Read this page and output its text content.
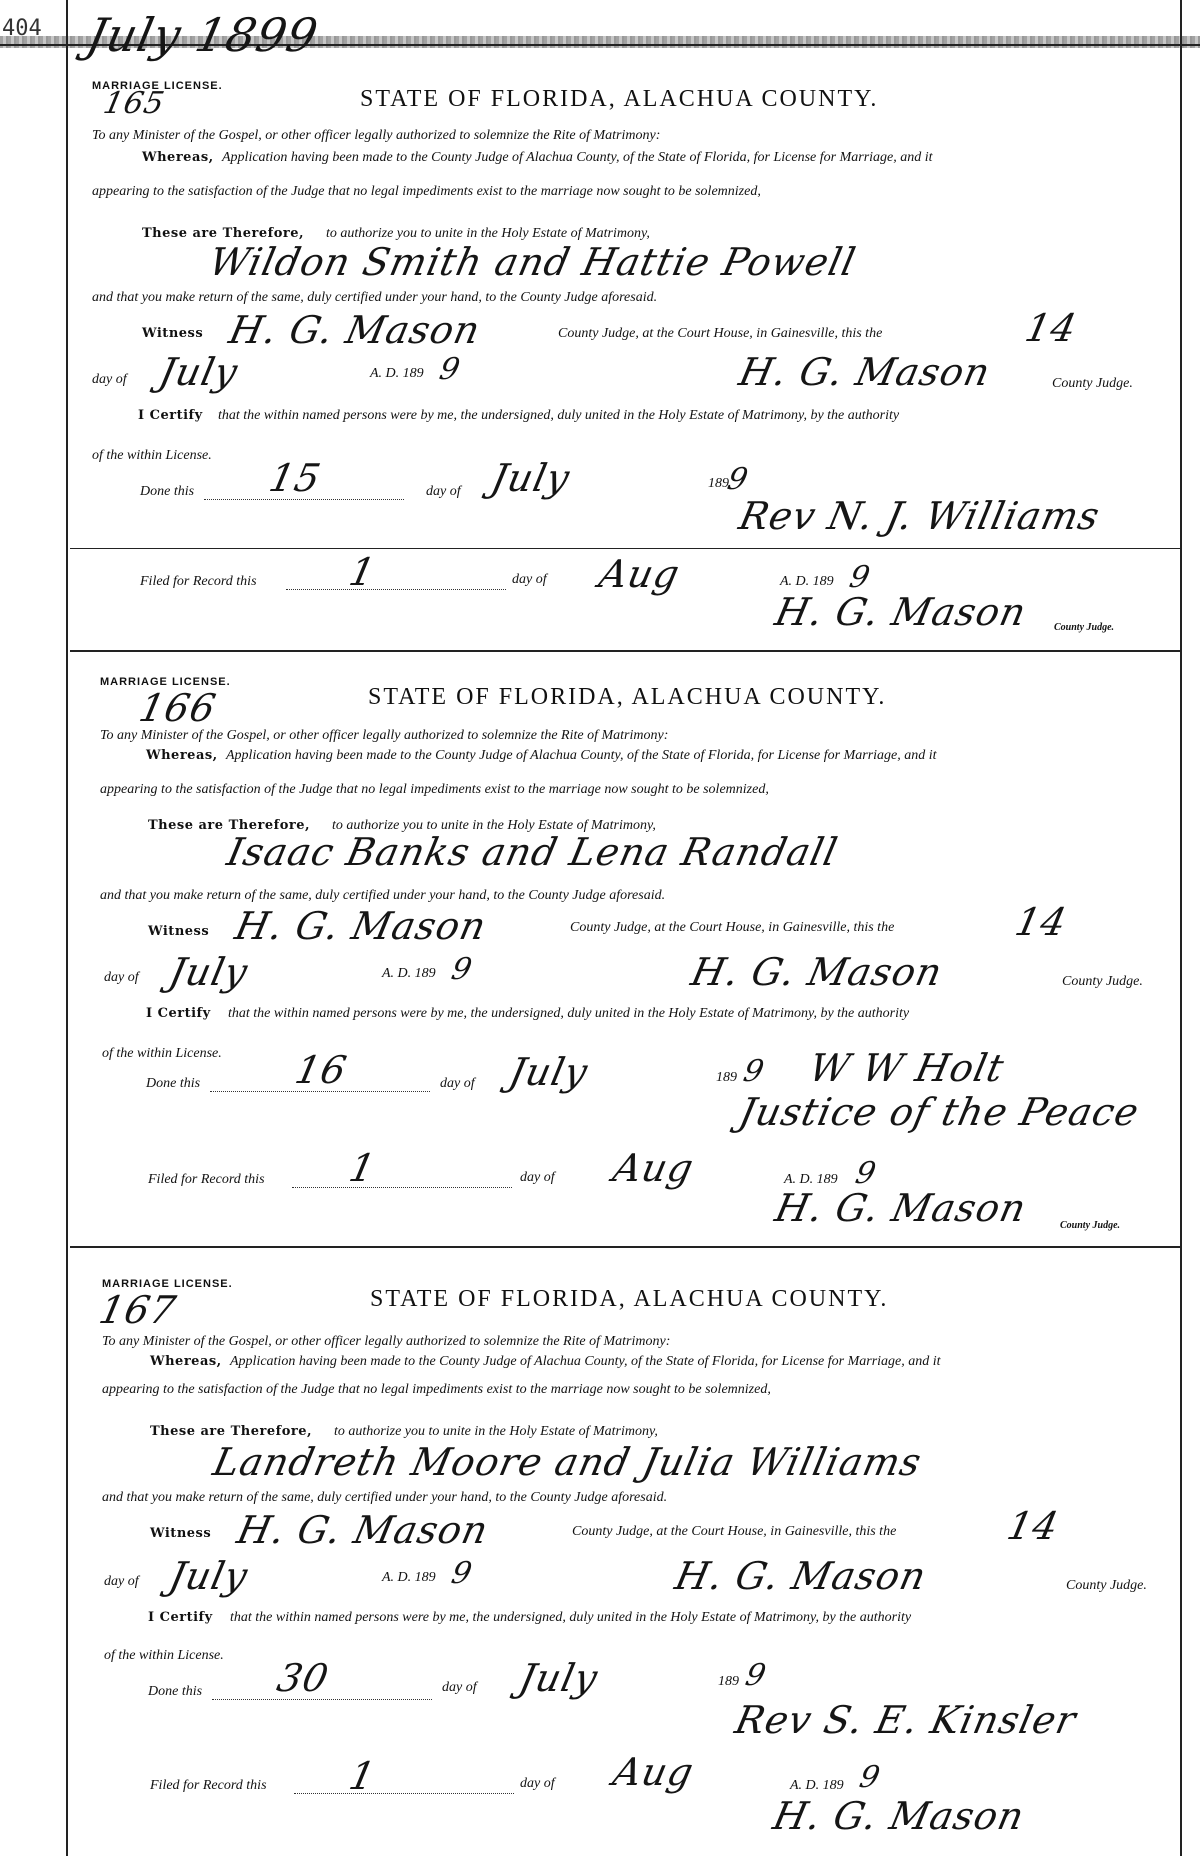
404 July 1899
MARRIAGE LICENSE.
165	STATE OF FLORIDA, ALACHUA COUNTY.
To any Minister of the Gospel, or other officer legally authorized to solemnize the Rite of Matrimony:
Whereas, Application having been made to the County Judge of Alachua County, of the State of Florida, for License for Marriage, and it
appearing to the satisfaction of the Judge that no legal impediments exist to the marriage now sought to be solemnized,
These are Therefore, to authorize you to unite in the Holy Estate of Matrimony,
Wildon Smith and Hattie Powell
and that you make return of the same, duly certified under your hand, to the County Judge aforesaid.
Witness H. G. Mason	County Judge, at the Court House, in Gainesville, this the	14
day of July	A. D. 189 9	H. G. Mason	County Judge.
I Certify that the within named persons were by me, the undersigned, duly united in the Holy Estate of Matrimony, by the authority
of the within License.
Done this 15	day of July	189
9
Rev N. J. Williams
Filed for Record this 1	day of Aug	A. D. 189 9
H. G. Mason County Judge.
MARRIAGE LICENSE.
166	STATE OF FLORIDA, ALACHUA COUNTY.
To any Minister of the Gospel, or other officer legally authorized to solemnize the Rite of Matrimony:
Whereas, Application having been made to the County Judge of Alachua County, of the State of Florida, for License for Marriage, and it
appearing to the satisfaction of the Judge that no legal impediments exist to the marriage now sought to be solemnized,
These are Therefore, to authorize you to unite in the Holy Estate of Matrimony,
Isaac Banks and Lena Randall
and that you make return of the same, duly certified under your hand, to the County Judge aforesaid.
Witness H. G. Mason	County Judge, at the Court House, in Gainesville, this the	14
day of July	A. D. 189 9	H. G. Mason	County Judge.
I Certify that the within named persons were by me, the undersigned, duly united in the Holy Estate of Matrimony, by the authority
of the within License.
Done this 16	day of July	189 9 W W Holt
Justice of the Peace
Filed for Record this 1	day of Aug	A. D. 189 9
H. G. Mason	County Judge.
MARRIAGE LICENSE.
167	STATE OF FLORIDA, ALACHUA COUNTY.
To any Minister of the Gospel, or other officer legally authorized to solemnize the Rite of Matrimony:
Whereas, Application having been made to the County Judge of Alachua County, of the State of Florida, for License for Marriage, and it
appearing to the satisfaction of the Judge that no legal impediments exist to the marriage now sought to be solemnized,
These are Therefore, to authorize you to unite in the Holy Estate of Matrimony,
Landreth Moore and Julia Williams
and that you make return of the same, duly certified under your hand, to the County Judge aforesaid.
Witness H. G. Mason	County Judge, at the Court House, in Gainesville, this the	14
day of July	A. D. 189 9	H. G. Mason	County Judge.
I Certify that the within named persons were by me, the undersigned, duly united in the Holy Estate of Matrimony, by the authority
of the within License.
Done this 30	day of July	189 9
Rev S. E. Kinsler
Filed for Record this 1	day of Aug	A. D. 189 9
H. G. Mason
